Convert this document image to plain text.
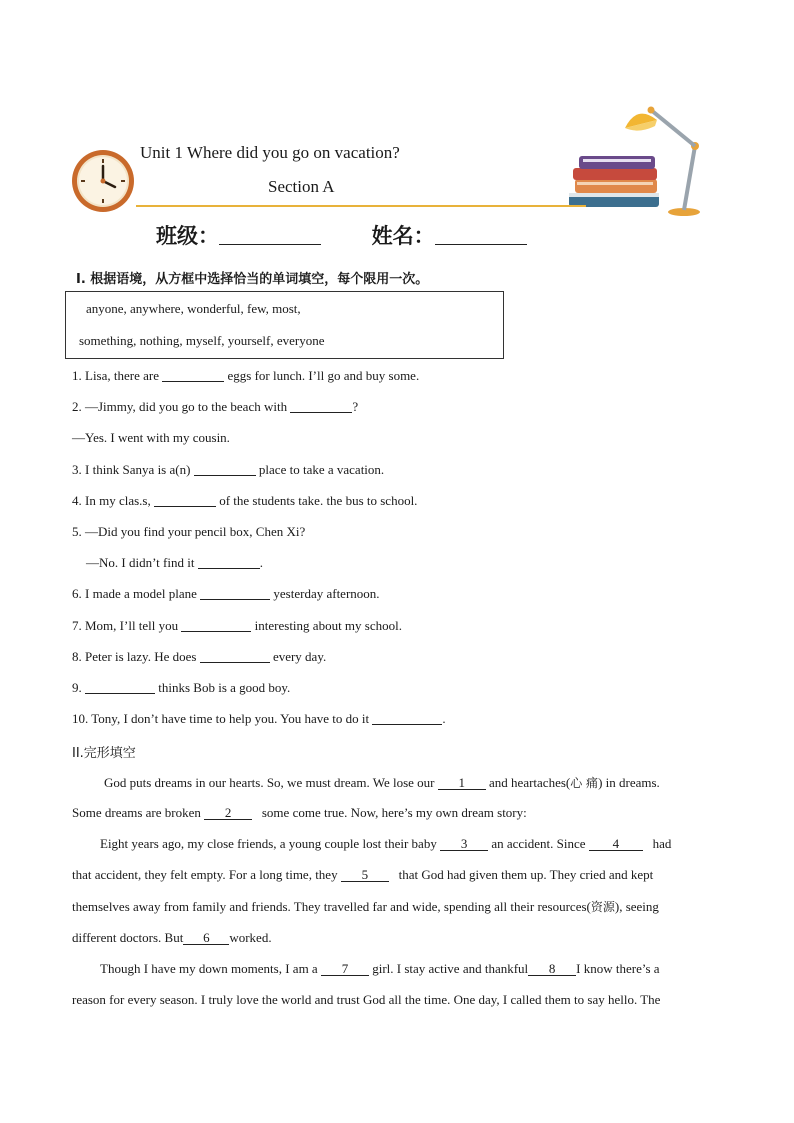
Unit 1 Where did you go on vacation?
Section A
班级：	姓名：
Ⅰ. 根据语境，从方框中选择恰当的单词填空，每个限用一次。
anyone, anywhere, wonderful, few, most,
something, nothing, myself, yourself, everyone
1. Lisa, there are	eggs for lunch. I’ll go and buy some.
2. —Jimmy, did you go to the beach with	?
—Yes. I went with my cousin.
3. I think Sanya is a(n)	place to take a vacation.
4. In my clas.s,	of the students take. the bus to school.
5. —Did you find your pencil box, Chen Xi?
—No. I didn’t find it	.
6. I made a model plane	yesterday afternoon.
7. Mom, I’ll tell you	interesting about my school.
8. Peter is lazy. He does	every day.
9.	thinks Bob is a good boy.
10. Tony, I don’t have time to help you. You have to do it	.
II.完形填空
God puts dreams in our hearts. So, we must dream. We lose our 1 and heartaches(心 痛) in dreams.
Some dreams are broken 2 some come true. Now, here’s my own dream story:
Eight years ago, my close friends, a young couple lost their baby 3 an accident. Since 4	had
that accident, they felt empty. For a long time, they 5 that God had given them up. They cried and kept
themselves away from family and friends. They travelled far and wide, spending all their resources(资源), seeing
different doctors. But 6 worked.
Though I have my down moments, I am a 7 girl. I stay active and thankful 8 I know there’s a
reason for every season. I truly love the world and trust God all the time. One day, I called them to say hello. The
